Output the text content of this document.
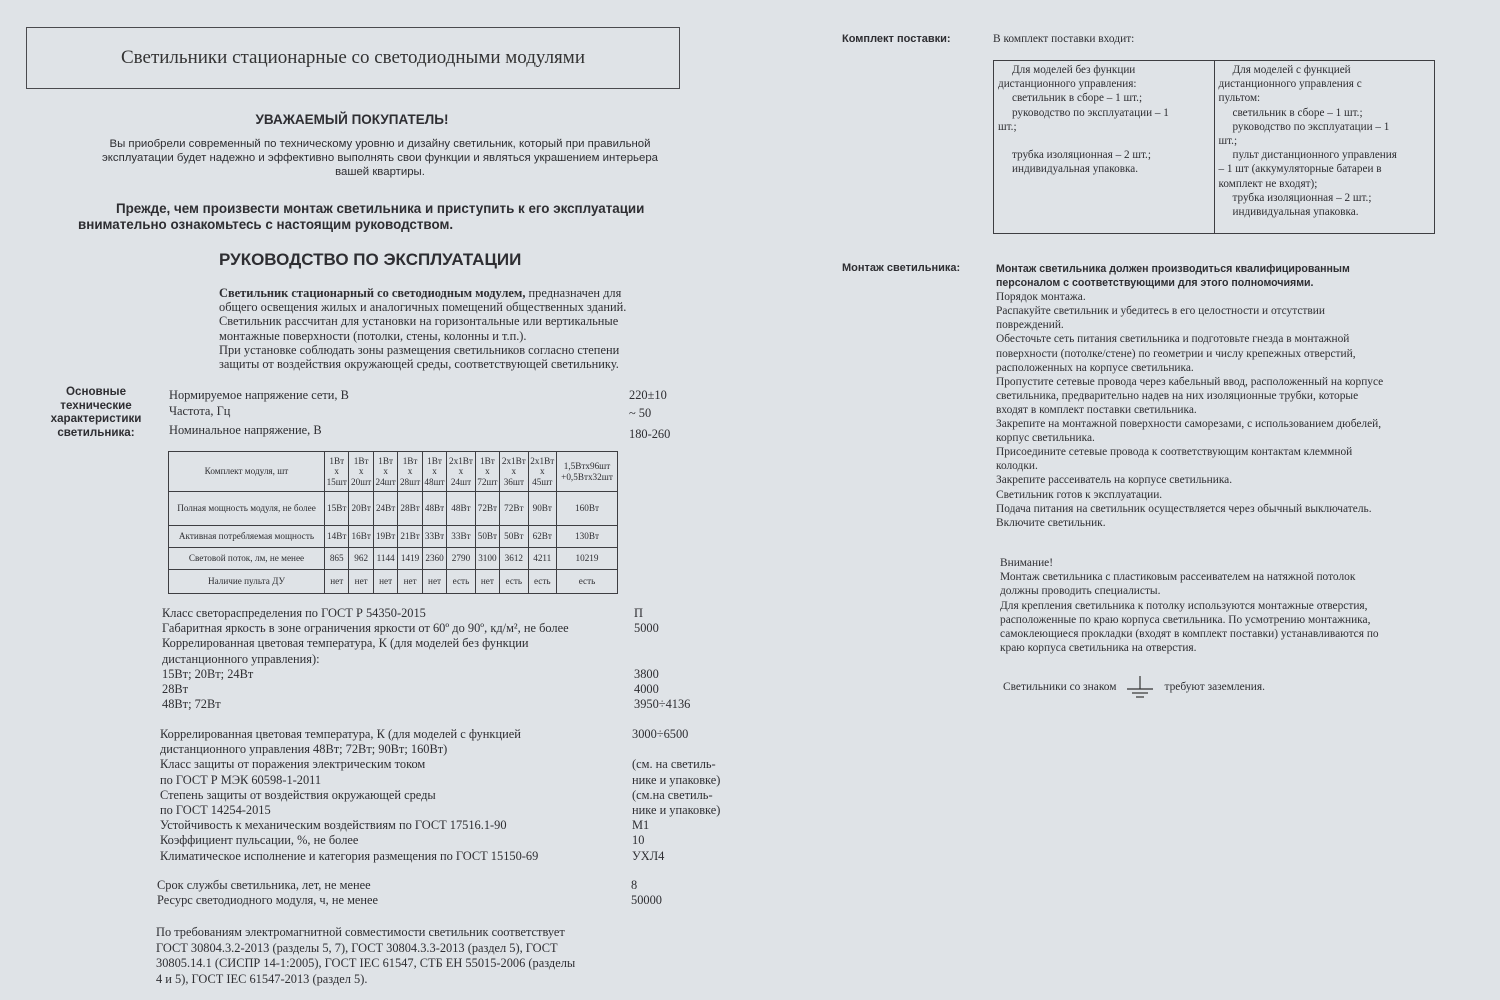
Светильники стационарные со светодиодными модулями
УВАЖАЕМЫЙ ПОКУПАТЕЛЬ!
Вы приобрели современный по техническому уровню и дизайну светильник, который при правильной
эксплуатации будет надежно и эффективно выполнять свои функции и являться украшением интерьера
вашей квартиры.
Прежде, чем произвести монтаж светильника и приступить к его эксплуатации
внимательно ознакомьтесь с настоящим руководством.
РУКОВОДСТВО ПО ЭКСПЛУАТАЦИИ
Светильник стационарный со светодиодным модулем, предназначен для
общего освещения жилых и аналогичных помещений общественных зданий.
Светильник рассчитан для установки на горизонтальные или вертикальные
монтажные поверхности (потолки, стены, колонны и т.п.).
При установке соблюдать зоны размещения светильников согласно степени
защиты от воздействия окружающей среды, соответствующей светильнику.
Основные
технические
характеристики
светильника:
Нормируемое напряжение сети, В	220±10
Частота, Гц	~ 50
Номинальное напряжение, В	180-260
Комплект модуля, шт	1Вт x 15шт	1Вт x 20шт	1Вт x 24шт	1Вт x 28шт	1Вт x 48шт	2x1Вт x 24шт	1Вт x 72шт	2x1Вт x 36шт	2x1Вт x 45шт	1,5Втx96шт +0,5Втx32шт
Полная мощность модуля, не более	15Вт	20Вт	24Вт	28Вт	48Вт	48Вт	72Вт	72Вт	90Вт	160Вт
Активная потребляемая мощность	14Вт	16Вт	19Вт	21Вт	33Вт	33Вт	50Вт	50Вт	62Вт	130Вт
Световой поток, лм, не менее	865	962	1144	1419	2360	2790	3100	3612	4211	10219
Наличие пульта ДУ	нет	нет	нет	нет	нет	есть	нет	есть	есть	есть
Класс светораспределения по ГОСТ Р 54350-2015	П
Габаритная яркость в зоне ограничения яркости от 60º до 90º, кд/м², не более	5000
Коррелированная цветовая температура, К (для моделей без функции
дистанционного управления):
15Вт; 20Вт; 24Вт	3800
28Вт	4000
48Вт; 72Вт	3950÷4136
Коррелированная цветовая температура, К (для моделей с функцией	3000÷6500
дистанционного управления 48Вт; 72Вт; 90Вт; 160Вт)
Класс защиты от поражения электрическим током	(см. на светиль-
по ГОСТ Р МЭК 60598-1-2011	нике и упаковке)
Степень защиты от воздействия окружающей среды	(см.на светиль-
по ГОСТ 14254-2015	нике и упаковке)
Устойчивость к механическим воздействиям по ГОСТ 17516.1-90	М1
Коэффициент пульсации, %, не более	10
Климатическое исполнение и категория размещения по ГОСТ 15150-69	УХЛ4
Срок службы светильника, лет, не менее	8
Ресурс светодиодного модуля, ч, не менее	50000
По требованиям электромагнитной совместимости светильник соответствует
ГОСТ 30804.3.2-2013 (разделы 5, 7), ГОСТ 30804.3.3-2013 (раздел 5), ГОСТ
30805.14.1 (СИСПР 14-1:2005), ГОСТ IEC 61547, СТБ ЕН 55015-2006 (разделы
4 и 5), ГОСТ IEC 61547-2013 (раздел 5).
Комплект поставки:	В комплект поставки входит:
Для моделей без функции
дистанционного управления:
светильник в сборе – 1 шт.;
руководство по эксплуатации – 1
шт.;

трубка изоляционная – 2 шт.;
индивидуальная упаковка.

Для моделей с функцией
дистанционного управления с
пультом:
светильник в сборе – 1 шт.;
руководство по эксплуатации – 1
шт.;
пульт дистанционного управления
– 1 шт (аккумуляторные батареи в
комплект не входят);
трубка изоляционная – 2 шт.;
индивидуальная упаковка.
Монтаж светильника:	Монтаж светильника должен производиться квалифицированным
персоналом с соответствующими для этого полномочиями.
Порядок монтажа.
Распакуйте светильник и убедитесь в его целостности и отсутствии
повреждений.
Обесточьте сеть питания светильника и подготовьте гнезда в монтажной
поверхности (потолке/стене) по геометрии и числу крепежных отверстий,
расположенных на корпусе светильника.
Пропустите сетевые провода через кабельный ввод, расположенный на корпусе
светильника, предварительно надев на них изоляционные трубки, которые
входят в комплект поставки светильника.
Закрепите на монтажной поверхности саморезами, с использованием дюбелей,
корпус светильника.
Присоедините сетевые провода к соответствующим контактам клеммной
колодки.
Закрепите рассеиватель на корпусе светильника.
Светильник готов к эксплуатации.
Подача питания на светильник осуществляется через обычный выключатель.
Включите светильник.
Внимание!
Монтаж светильника с пластиковым рассеивателем на натяжной потолок
должны проводить специалисты.
Для крепления светильника к потолку используются монтажные отверстия,
расположенные по краю корпуса светильника. По усмотрению монтажника,
самоклеющиеся прокладки (входят в комплект поставки) устанавливаются по
краю корпуса светильника на отверстия.
Светильники со знаком	требуют заземления.
